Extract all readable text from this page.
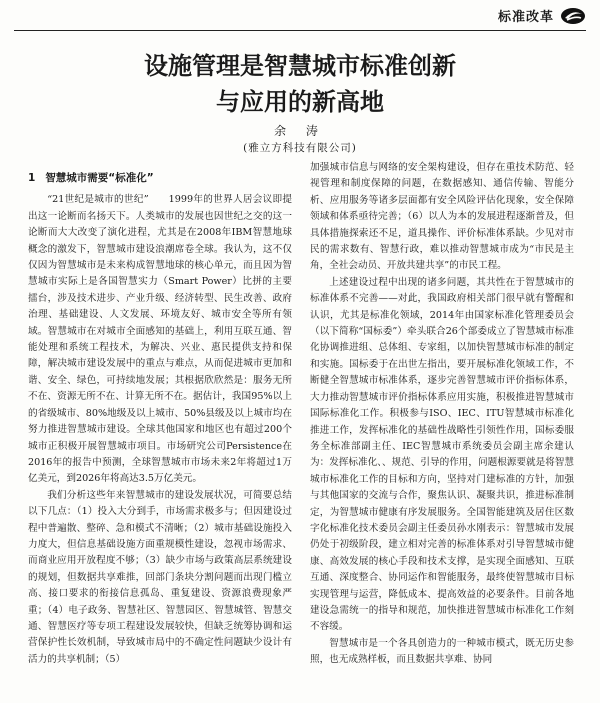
标准改革
设施管理是智慧城市标准创新
与应用的新高地
余 涛
(雅立方科技有限公司)
1 智慧城市需要“标准化”

“21世纪是城市的世纪”　　1999年的世界人居会议即提出这一论断而名扬天下。人类城市的发展也因世纪之交的这一论断而大大改变了演化进程，尤其是在2008年IBM智慧地球概念的激发下，智慧城市建设浪潮席卷全球。我认为，这不仅仅因为智慧城市是未来构成智慧地球的核心单元，而且因为智慧城市实际上是各国智慧实力（Smart Power）比拼的主要擂台，涉及技术进步、产业升级、经济转型、民生改善、政府治理、基础建设、人文发展、环境友好、城市安全等所有领域。智慧城市在对城市全面感知的基础上，利用互联互通、智能处理和系统工程技术，为解决、兴业、惠民提供支持和保障，解决城市建设发展中的重点与难点，从而促进城市更加和谐、安全、绿色，可持续地发展；其根据欣欣然是：服务无所不在、资源无所不在、计算无所不在。据估计，我国95%以上的省级城市、80%地级及以上城市、50%县级及以上城市均在努力推进智慧城市建设。全球其他国家和地区也有超过200个城市正积极开展智慧城市项目。市场研究公司Persistence在2016年的报告中预测，全球智慧城市市场未来2年将超过1万亿美元，到2026年将高达3.5万亿美元。

我们分析这些年来智慧城市的建设发展状况，可简要总结以下几点：（1）投入大分到手，市场需求极多与；但因建设过程中普遍散、整碎、急和模式不清晰；（2）城市基础设施投入力度大，但信息基础设施方面重规模性建设，忽视市场需求、而商业应用开放程度不够；（3）缺少市场与政策高层系统建设的规划，但数据共享难推，回部门条块分割问题而出现门槛立高、接口要求的衔接信息孤岛、重复建设、资源浪费现象严重；（4）电子政务、智慧社区、智慧园区、智慧城管、智慧交通、智慧医疗等专项工程建设发展较快，但缺乏统筹协调和运营保护性长效机制，导致城市局中的不确定性问题缺少设计有活力的共享机制；（5）

加强城市信息与网络的安全架构建设，但存在重技术防范、轻视管理和制度保障的问题，在数据感知、通信传输、智能分析、应用服务等诸多层面都有安全风险评估化现象，安全保障领域和体系亟待完善；（6）以人为本的发展进程逐渐普及，但具体措施探索还不足，道具操作、评价标准体系缺。少见对市民的需求数有、智慧行政，难以推动智慧城市成为“市民是主角，全社会动员、开放共建共享”的市民工程。

上述建设过程中出现的诸多问题，其共性在于智慧城市的标准体系不完善——对此，我国政府相关部门很早就有警醒和认识，尤其是标准化领域，2014年由国家标准化管理委员会（以下简称“国标委”）牵头联合26个部委成立了智慧城市标准化协调推进组、总体组、专家组，以加快智慧城市标准的制定和实施。国标委于在出世左指出，要开展标准化领域工作，不断健全智慧城市标准体系，逐步完善智慧城市评价指标体系，大力推动智慧城市评价指标体系应用实施，积极推进智慧城市国际标准化工作。积极参与ISO、IEC、ITU智慧城市标准化推进工作，发挥标准化的基础性战略性引领性作用，国标委服务全标准部副主任、IEC智慧城市系统委员会副主席余建认为：发挥标准化、、规范、引导的作用，问题根源要就是将智慧城市标准化工作的目标和方向，坚持对门建标准的方针，加强与其他国家的交流与合作，聚焦认识、凝聚共识，推进标准制定，为智慧城市健康有序发展服务。全国智能建筑及居住区数字化标准化技术委员会副主任委员孙水刚表示：智慧城市发展仍处于初级阶段，建立相对完善的标准体系对引导智慧城市健康、高效发展的核心手段和技术支撑，是实现全面感知、互联互通、深度整合、协同运作和智能服务，最终使智慧城市目标实现管理与运营，降低成本、提高效益的必要条件。目前各地建设急需统一的指导和规范，加快推进智慧城市标准化工作刻不容缓。

智慧城市是一个各具创造力的一种城市模式，既无历史参照，也无成熟样板，而且数据共享难、协同
